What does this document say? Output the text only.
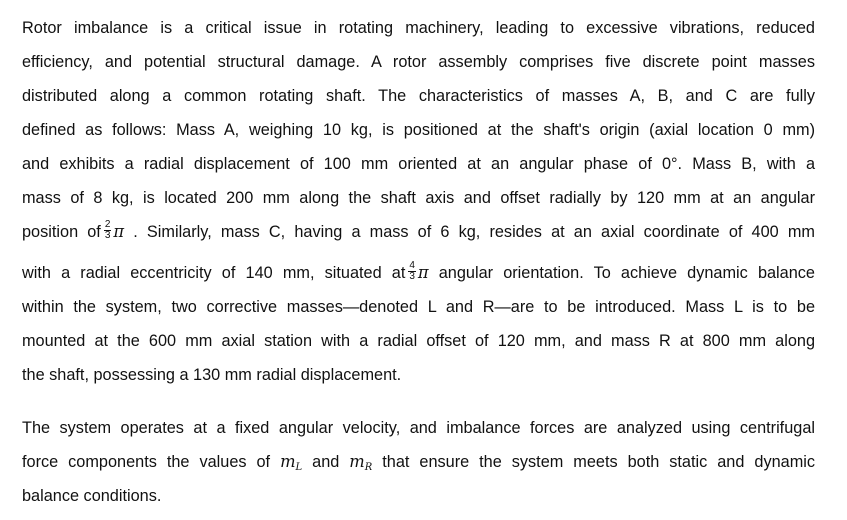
Rotor imbalance is a critical issue in rotating machinery, leading to excessive vibrations, reduced
efficiency, and potential structural damage. A rotor assembly comprises five discrete point masses
distributed along a common rotating shaft. The characteristics of masses A, B, and C are fully
defined as follows: Mass A, weighing 10 kg, is positioned at the shaft's origin (axial location 0 mm)
and exhibits a radial displacement of 100 mm oriented at an angular phase of 0°. Mass B, with a
mass of 8 kg, is located 200 mm along the shaft axis and offset radially by 120 mm at an angular
position of $\frac{2}{3}$ π . Similarly, mass C, having a mass of 6 kg, resides at an axial coordinate of 400 mm
with a radial eccentricity of 140 mm, situated at $\frac{4}{3}$ π angular orientation. To achieve dynamic balance
within the system, two corrective masses—denoted L and R—are to be introduced. Mass L is to be
mounted at the 600 mm axial station with a radial offset of 120 mm, and mass R at 800 mm along
the shaft, possessing a 130 mm radial displacement.
The system operates at a fixed angular velocity, and imbalance forces are analyzed using centrifugal
force components the values of $m_L$ and $m_R$ that ensure the system meets both static and dynamic
balance conditions.
